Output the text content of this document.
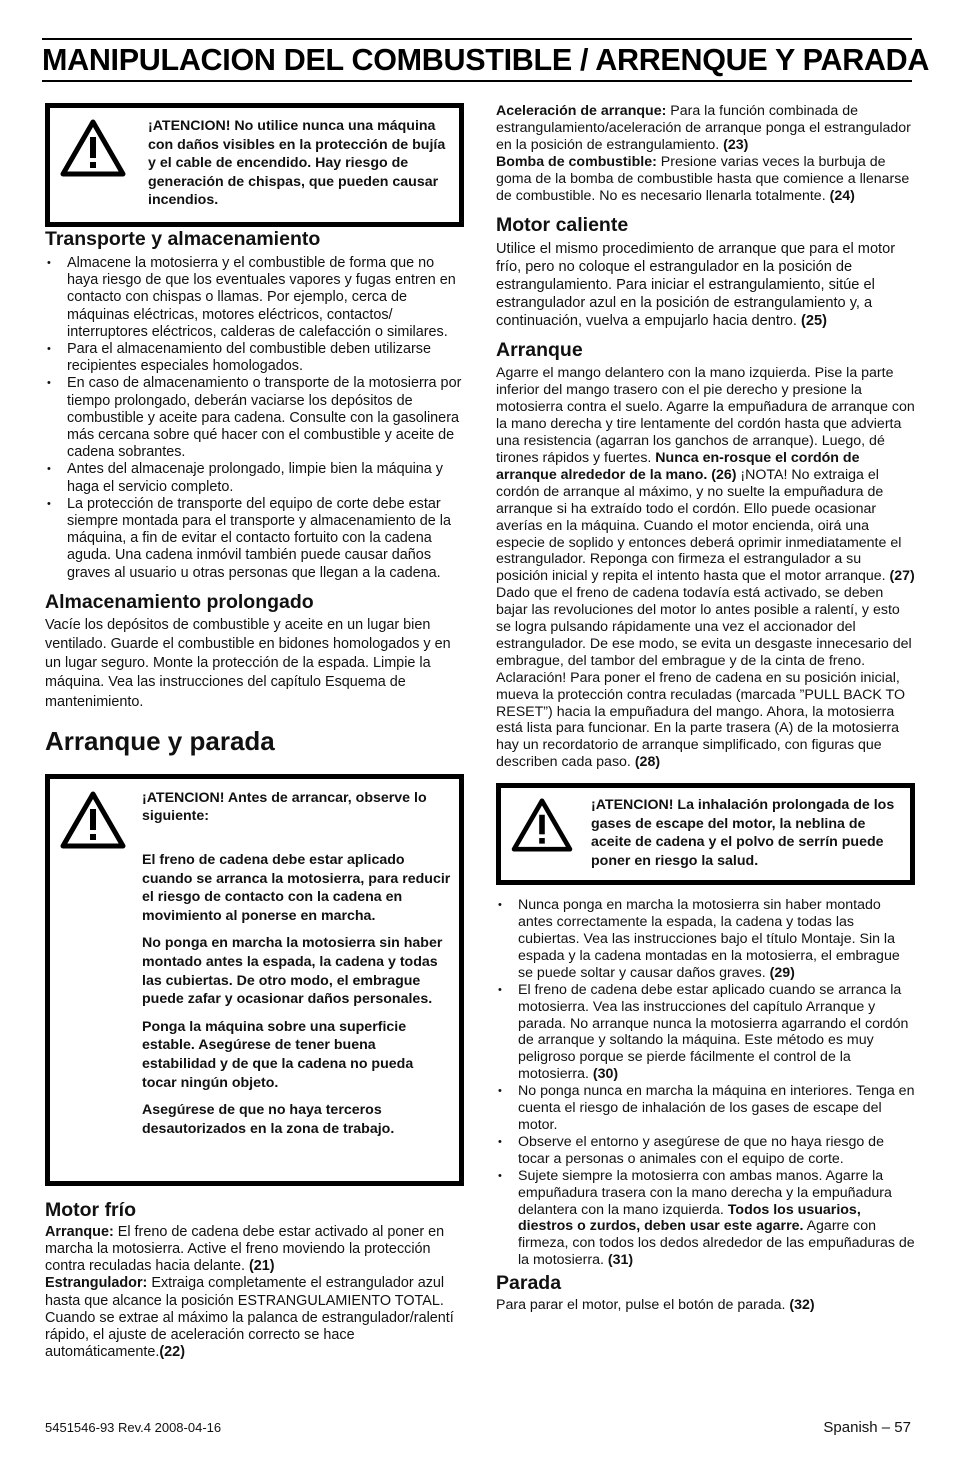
MANIPULACION DEL COMBUSTIBLE / ARRENQUE Y PARADA

¡ATENCION! No utilice nunca una máquina con daños visibles en la protección de bujía y el cable de encendido. Hay riesgo de generación de chispas, que pueden causar incendios.

Transporte y almacenamiento
• Almacene la motosierra y el combustible de forma que no haya riesgo de que los eventuales vapores y fugas entren en contacto con chispas o llamas. Por ejemplo, cerca de máquinas eléctricas, motores eléctricos, contactos/ interruptores eléctricos, calderas de calefacción o similares.
• Para el almacenamiento del combustible deben utilizarse recipientes especiales homologados.
• En caso de almacenamiento o transporte de la motosierra por tiempo prolongado, deberán vaciarse los depósitos de combustible y aceite para cadena. Consulte con la gasolinera más cercana sobre qué hacer con el combustible y aceite de cadena sobrantes.
• Antes del almacenaje prolongado, limpie bien la máquina y haga el servicio completo.
• La protección de transporte del equipo de corte debe estar siempre montada para el transporte y almacenamiento de la máquina, a fin de evitar el contacto fortuito con la cadena aguda. Una cadena inmóvil también puede causar daños graves al usuario u otras personas que llegan a la cadena.
Almacenamiento prolongado

Vacíe los depósitos de combustible y aceite en un lugar bien ventilado. Guarde el combustible en bidones homologados y en un lugar seguro. Monte la protección de la espada. Limpie la máquina. Vea las instrucciones del capítulo Esquema de mantenimiento.

Arranque y parada

¡ATENCION! Antes de arrancar, observe lo siguiente:

El freno de cadena debe estar aplicado cuando se arranca la motosierra, para reducir el riesgo de contacto con la cadena en movimiento al ponerse en marcha.

No ponga en marcha la motosierra sin haber montado antes la espada, la cadena y todas las cubiertas. De otro modo, el embrague puede zafar y ocasionar daños personales.

Ponga la máquina sobre una superficie estable. Asegúrese de tener buena estabilidad y de que la cadena no pueda tocar ningún objeto.

Asegúrese de que no haya terceros desautorizados en la zona de trabajo.

Motor frío

Arranque: El freno de cadena debe estar activado al poner en marcha la motosierra. Active el freno moviendo la protección contra reculadas hacia delante. (21)

Estrangulador: Extraiga completamente el estrangulador azul hasta que alcance la posición ESTRANGULAMIENTO TOTAL. Cuando se extrae al máximo la palanca de estrangulador/ralentí rápido, el ajuste de aceleración correcto se hace automáticamente.(22)

Aceleración de arranque: Para la función combinada de estrangulamiento/aceleración de arranque ponga el estrangulador en la posición de estrangulamiento. (23)

Bomba de combustible: Presione varias veces la burbuja de goma de la bomba de combustible hasta que comience a llenarse de combustible. No es necesario llenarla totalmente. (24)

Motor caliente

Utilice el mismo procedimiento de arranque que para el motor frío, pero no coloque el estrangulador en la posición de estrangulamiento. Para iniciar el estrangulamiento, sitúe el estrangulador azul en la posición de estrangulamiento y, a continuación, vuelva a empujarlo hacia dentro. (25)

Arranque

Agarre el mango delantero con la mano izquierda. Pise la parte inferior del mango trasero con el pie derecho y presione la motosierra contra el suelo. Agarre la empuñadura de arranque con la mano derecha y tire lentamente del cordón hasta que advierta una resistencia (agarran los ganchos de arranque). Luego, dé tirones rápidos y fuertes. Nunca en-rosque el cordón de arranque alrededor de la mano. (26) ¡NOTA! No extraiga el cordón de arranque al máximo, y no suelte la empuñadura de arranque si ha extraído todo el cordón. Ello puede ocasionar averías en la máquina. Cuando el motor encienda, oirá una especie de soplido y entonces deberá oprimir inmediatamente el estrangulador. Reponga con firmeza el estrangulador a su posición inicial y repita el intento hasta que el motor arranque. (27) Dado que el freno de cadena todavía está activado, se deben bajar las revoluciones del motor lo antes posible a ralentí, y esto se logra pulsando rápidamente una vez el accionador del estrangulador. De ese modo, se evita un desgaste innecesario del embrague, del tambor del embrague y de la cinta de freno.

Aclaración! Para poner el freno de cadena en su posición inicial, mueva la protección contra reculadas (marcada ”PULL BACK TO RESET”) hacia la empuñadura del mango. Ahora, la motosierra está lista para funcionar. En la parte trasera (A) de la motosierra hay un recordatorio de arranque simplificado, con figuras que describen cada paso. (28)

¡ATENCION! La inhalación prolongada de los gases de escape del motor, la neblina de aceite de cadena y el polvo de serrín puede poner en riesgo la salud.

• Nunca ponga en marcha la motosierra sin haber montado antes correctamente la espada, la cadena y todas las cubiertas. Vea las instrucciones bajo el título Montaje. Sin la espada y la cadena montadas en la motosierra, el embrague se puede soltar y causar daños graves. (29)
• El freno de cadena debe estar aplicado cuando se arranca la motosierra. Vea las instrucciones del capítulo Arranque y parada. No arranque nunca la motosierra agarrando el cordón de arranque y soltando la máquina. Este método es muy peligroso porque se pierde fácilmente el control de la motosierra. (30)
• No ponga nunca en marcha la máquina en interiores. Tenga en cuenta el riesgo de inhalación de los gases de escape del motor.
• Observe el entorno y asegúrese de que no haya riesgo de tocar a personas o animales con el equipo de corte.
• Sujete siempre la motosierra con ambas manos. Agarre la empuñadura trasera con la mano derecha y la empuñadura delantera con la mano izquierda. Todos los usuarios, diestros o zurdos, deben usar este agarre. Agarre con firmeza, con todos los dedos alrededor de las empuñaduras de la motosierra. (31)
Parada

Para parar el motor, pulse el botón de parada. (32)

5451546-93 Rev.4 2008-04-16	Spanish – 57
